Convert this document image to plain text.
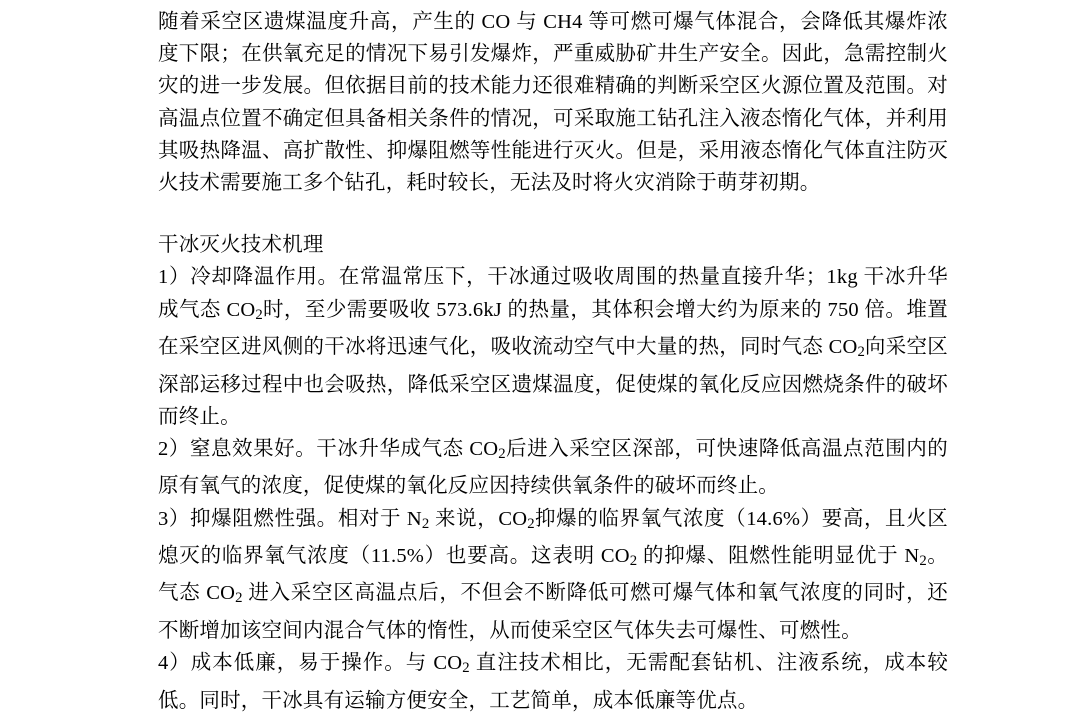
随着采空区遗煤温度升高，产生的 CO 与 CH4 等可燃可爆气体混合，会降低其爆炸浓度下限；在供氧充足的情况下易引发爆炸，严重威胁矿井生产安全。因此，急需控制火灾的进一步发展。但依据目前的技术能力还很难精确的判断采空区火源位置及范围。对高温点位置不确定但具备相关条件的情况，可采取施工钻孔注入液态惰化气体，并利用其吸热降温、高扩散性、抑爆阻燃等性能进行灭火。但是，采用液态惰化气体直注防灭火技术需要施工多个钻孔，耗时较长，无法及时将火灾消除于萌芽初期。

干冰灭火技术机理

1）冷却降温作用。在常温常压下，干冰通过吸收周围的热量直接升华；1kg 干冰升华成气态 $CO_2$时，至少需要吸收 573.6kJ 的热量，其体积会增大约为原来的 750 倍。堆置在采空区进风侧的干冰将迅速气化，吸收流动空气中大量的热，同时气态 $CO_2$向采空区深部运移过程中也会吸热，降低采空区遗煤温度，促使煤的氧化反应因燃烧条件的破坏而终止。

2）窒息效果好。干冰升华成气态 $CO_2$后进入采空区深部，可快速降低高温点范围内的原有氧气的浓度，促使煤的氧化反应因持续供氧条件的破坏而终止。

3）抑爆阻燃性强。相对于 $N_2$ 来说，$CO_2$抑爆的临界氧气浓度（14.6%）要高，且火区熄灭的临界氧气浓度（11.5%）也要高。这表明 $CO_2$ 的抑爆、阻燃性能明显优于 $N_2$。气态 $CO_2$ 进入采空区高温点后，不但会不断降低可燃可爆气体和氧气浓度的同时，还不断增加该空间内混合气体的惰性，从而使采空区气体失去可爆性、可燃性。

4）成本低廉，易于操作。与 $CO_2$ 直注技术相比，无需配套钻机、注液系统，成本较低。同时，干冰具有运输方便安全，工艺简单，成本低廉等优点。
